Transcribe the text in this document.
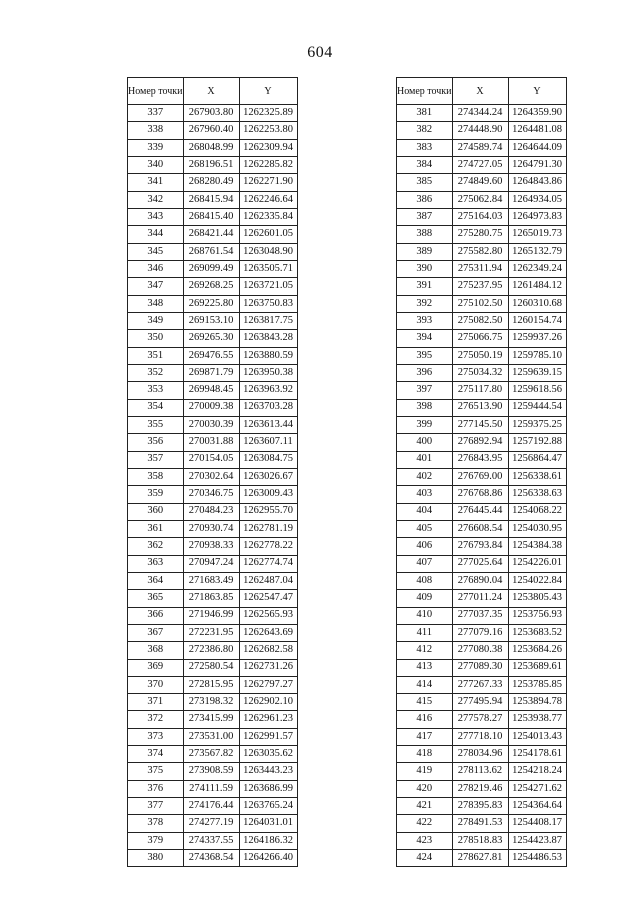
604
Номер точки	X	Y
337	267903.80	1262325.89
338	267960.40	1262253.80
339	268048.99	1262309.94
340	268196.51	1262285.82
341	268280.49	1262271.90
342	268415.94	1262246.64
343	268415.40	1262335.84
344	268421.44	1262601.05
345	268761.54	1263048.90
346	269099.49	1263505.71
347	269268.25	1263721.05
348	269225.80	1263750.83
349	269153.10	1263817.75
350	269265.30	1263843.28
351	269476.55	1263880.59
352	269871.79	1263950.38
353	269948.45	1263963.92
354	270009.38	1263703.28
355	270030.39	1263613.44
356	270031.88	1263607.11
357	270154.05	1263084.75
358	270302.64	1263026.67
359	270346.75	1263009.43
360	270484.23	1262955.70
361	270930.74	1262781.19
362	270938.33	1262778.22
363	270947.24	1262774.74
364	271683.49	1262487.04
365	271863.85	1262547.47
366	271946.99	1262565.93
367	272231.95	1262643.69
368	272386.80	1262682.58
369	272580.54	1262731.26
370	272815.95	1262797.27
371	273198.32	1262902.10
372	273415.99	1262961.23
373	273531.00	1262991.57
374	273567.82	1263035.62
375	273908.59	1263443.23
376	274111.59	1263686.99
377	274176.44	1263765.24
378	274277.19	1264031.01
379	274337.55	1264186.32
380	274368.54	1264266.40
Номер точки	X	Y
381	274344.24	1264359.90
382	274448.90	1264481.08
383	274589.74	1264644.09
384	274727.05	1264791.30
385	274849.60	1264843.86
386	275062.84	1264934.05
387	275164.03	1264973.83
388	275280.75	1265019.73
389	275582.80	1265132.79
390	275311.94	1262349.24
391	275237.95	1261484.12
392	275102.50	1260310.68
393	275082.50	1260154.74
394	275066.75	1259937.26
395	275050.19	1259785.10
396	275034.32	1259639.15
397	275117.80	1259618.56
398	276513.90	1259444.54
399	277145.50	1259375.25
400	276892.94	1257192.88
401	276843.95	1256864.47
402	276769.00	1256338.61
403	276768.86	1256338.63
404	276445.44	1254068.22
405	276608.54	1254030.95
406	276793.84	1254384.38
407	277025.64	1254226.01
408	276890.04	1254022.84
409	277011.24	1253805.43
410	277037.35	1253756.93
411	277079.16	1253683.52
412	277080.38	1253684.26
413	277089.30	1253689.61
414	277267.33	1253785.85
415	277495.94	1253894.78
416	277578.27	1253938.77
417	277718.10	1254013.43
418	278034.96	1254178.61
419	278113.62	1254218.24
420	278219.46	1254271.62
421	278395.83	1254364.64
422	278491.53	1254408.17
423	278518.83	1254423.87
424	278627.81	1254486.53
